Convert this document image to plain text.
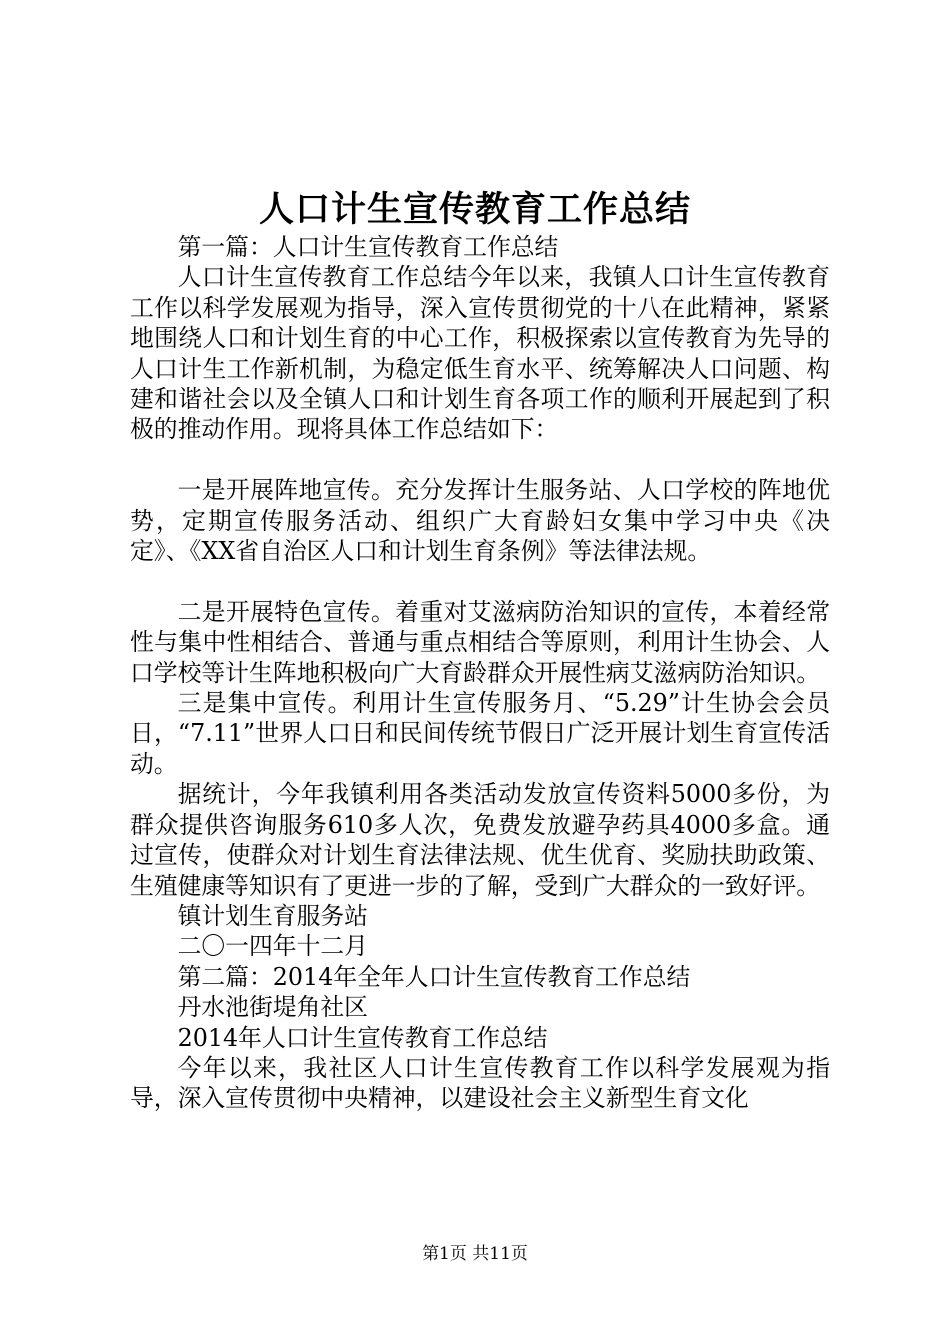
人口计生宣传教育工作总结

第一篇：人口计生宣传教育工作总结

人口计生宣传教育工作总结今年以来，我镇人口计生宣传教育工作以科学发展观为指导，深入宣传贯彻党的十八在此精神，紧紧地围绕人口和计划生育的中心工作，积极探索以宣传教育为先导的人口计生工作新机制，为稳定低生育水平、统筹解决人口问题、构建和谐社会以及全镇人口和计划生育各项工作的顺利开展起到了积极的推动作用。现将具体工作总结如下：

一是开展阵地宣传。充分发挥计生服务站、人口学校的阵地优势，定期宣传服务活动、组织广大育龄妇女集中学习中央《决定》、《XX省自治区人口和计划生育条例》等法律法规。

二是开展特色宣传。着重对艾滋病防治知识的宣传，本着经常性与集中性相结合、普通与重点相结合等原则，利用计生协会、人口学校等计生阵地积极向广大育龄群众开展性病艾滋病防治知识。

三是集中宣传。利用计生宣传服务月、“5.29”计生协会会员日，“7.11”世界人口日和民间传统节假日广泛开展计划生育宣传活动。

据统计，今年我镇利用各类活动发放宣传资料5000多份，为群众提供咨询服务610多人次，免费发放避孕药具4000多盒。通过宣传，使群众对计划生育法律法规、优生优育、奖励扶助政策、生殖健康等知识有了更进一步的了解，受到广大群众的一致好评。

镇计划生育服务站

二〇一四年十二月

第二篇：2014年全年人口计生宣传教育工作总结

丹水池街堤角社区

2014年人口计生宣传教育工作总结

今年以来，我社区人口计生宣传教育工作以科学发展观为指导，深入宣传贯彻中央精神，以建设社会主义新型生育文化

第1页 共11页
